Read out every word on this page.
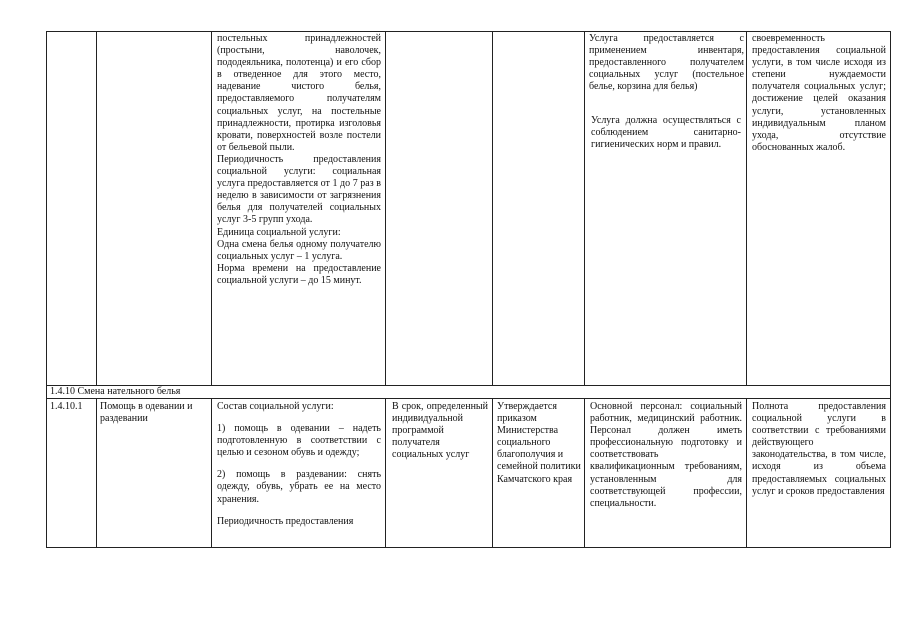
постельных принадлежностей (простыни, наволочек, пододеяльника, полотенца) и его сбор в отведенное для этого место, надевание чистого белья, предоставляемого получателям социальных услуг, на постельные принадлежности, протирка изголовья кровати, поверхностей возле постели от бельевой пыли.

Периодичность предоставления социальной услуги: социальная услуга предоставляется от 1 до 7 раз в неделю в зависимости от загрязнения белья для получателей социальных услуг 3-5 групп ухода.

Единица социальной услуги:

Одна смена белья одному получателю социальных услуг – 1 услуга.

Норма времени на предоставление социальной услуги – до 15 минут.

Услуга предоставляется с применением инвентаря, предоставленного получателем социальных услуг (постельное белье, корзина для белья)

Услуга должна осуществляться с соблюдением санитарно-гигиенических норм и правил.

своевременность предоставления социальной услуги, в том числе исходя из степени нуждаемости получателя социальных услуг; достижение целей оказания услуги, установленных индивидуальным планом ухода, отсутствие обоснованных жалоб.

1.4.10 Смена нательного белья
1.4.10.1	Помощь в одевании и раздевании

Состав социальной услуги:

1) помощь в одевании – надеть подготовленную в соответствии с целью и сезоном обувь и одежду;

2) помощь в раздевании: снять одежду, обувь, убрать ее на место хранения.

Периодичность предоставления

В срок, определенный индивидуальной программой получателя социальных услуг
Утверждается приказом Министерства социального благополучия и семейной политики Камчатского края
Основной персонал: социальный работник, медицинский работник. Персонал должен иметь профессиональную подготовку и соответствовать квалификационным требованиям, установленным для соответствующей профессии, специальности.
Полнота предоставления социальной услуги в соответствии с требованиями действующего законодательства, в том числе, исходя из объема предоставляемых социальных услуг и сроков предоставления
